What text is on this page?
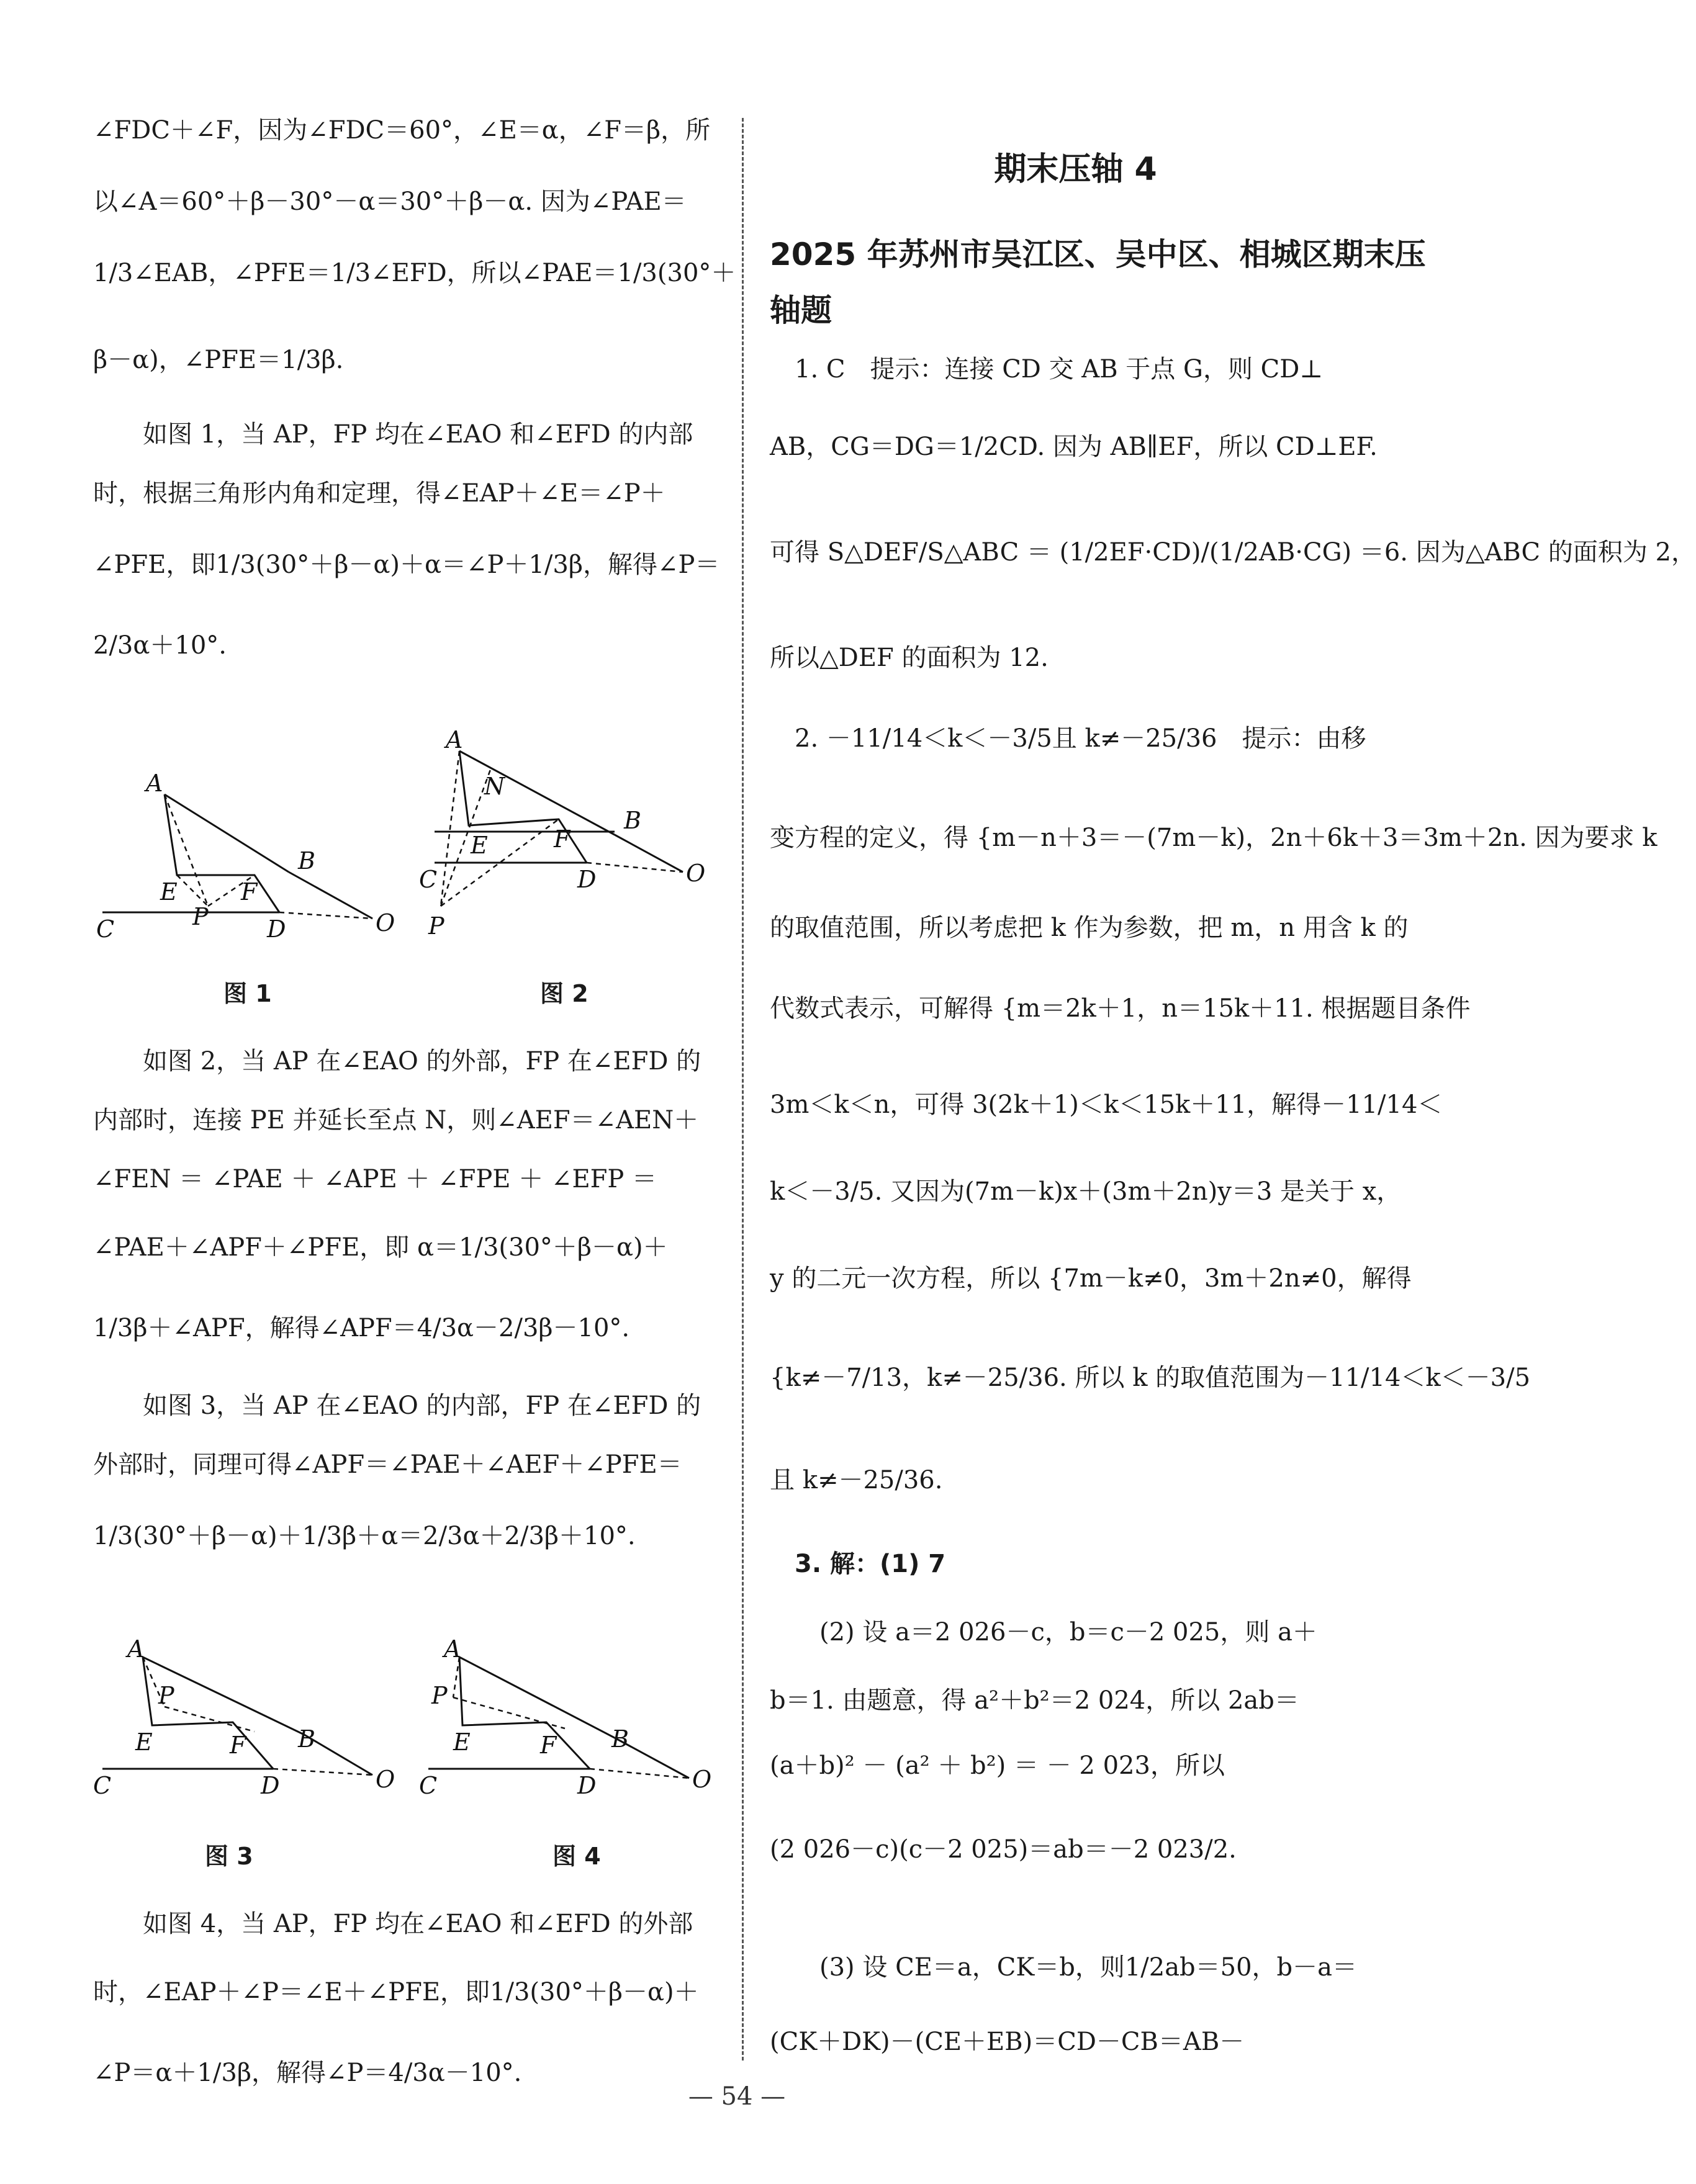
∠FDC＋∠F，因为∠FDC＝60°，∠E＝α，∠F＝β，所
以∠A＝60°＋β－30°－α＝30°＋β－α. 因为∠PAE＝
1/3∠EAB，∠PFE＝1/3∠EFD，所以∠PAE＝1/3(30°＋
β－α)，∠PFE＝1/3β.
　　如图 1，当 AP，FP 均在∠EAO 和∠EFD 的内部
时，根据三角形内角和定理，得∠EAP＋∠E＝∠P＋
∠PFE，即1/3(30°＋β－α)＋α＝∠P＋1/3β，解得∠P＝
2/3α＋10°.
A
E	F
P
B
C	D	O
A
N
E	F
B
C	D	O
P
图 1	图 2
　　如图 2，当 AP 在∠EAO 的外部，FP 在∠EFD 的
内部时，连接 PE 并延长至点 N，则∠AEF＝∠AEN＋
∠FEN ＝ ∠PAE ＋ ∠APE ＋ ∠FPE ＋ ∠EFP ＝
∠PAE＋∠APF＋∠PFE，即 α＝1/3(30°＋β－α)＋
1/3β＋∠APF，解得∠APF＝4/3α－2/3β－10°.
　　如图 3，当 AP 在∠EAO 的内部，FP 在∠EFD 的
外部时，同理可得∠APF＝∠PAE＋∠AEF＋∠PFE＝
1/3(30°＋β－α)＋1/3β＋α＝2/3α＋2/3β＋10°.
A
P
E	F B
C	D	O
A
P
E	F B
C	D	O
图 3	图 4
　　如图 4，当 AP，FP 均在∠EAO 和∠EFD 的外部
时，∠EAP＋∠P＝∠E＋∠PFE，即1/3(30°＋β－α)＋
∠P＝α＋1/3β，解得∠P＝4/3α－10°.
期末压轴 4
2025 年苏州市吴江区、吴中区、相城区期末压
轴题
　1. C　提示：连接 CD 交 AB 于点 G，则 CD⊥
AB，CG＝DG＝1/2CD. 因为 AB∥EF，所以 CD⊥EF.
可得 S△DEF/S△ABC ＝ (1/2EF·CD)/(1/2AB·CG) ＝6. 因为△ABC 的面积为 2，
所以△DEF 的面积为 12.
　2. －11/14＜k＜－3/5且 k≠－25/36　提示：由移
变方程的定义，得 {m－n＋3＝－(7m－k)，2n＋6k＋3＝3m＋2n. 因为要求 k
的取值范围，所以考虑把 k 作为参数，把 m，n 用含 k 的
代数式表示，可解得 {m＝2k＋1，n＝15k＋11. 根据题目条件
3m＜k＜n，可得 3(2k＋1)＜k＜15k＋11，解得－11/14＜
k＜－3/5. 又因为(7m－k)x＋(3m＋2n)y＝3 是关于 x，
y 的二元一次方程，所以 {7m－k≠0，3m＋2n≠0，解得
{k≠－7/13，k≠－25/36. 所以 k 的取值范围为－11/14＜k＜－3/5
且 k≠－25/36.
　3. 解：(1) 7
　　(2) 设 a＝2 026－c，b＝c－2 025，则 a＋
b＝1. 由题意，得 a²＋b²＝2 024，所以 2ab＝
(a＋b)² － (a² ＋ b²) ＝ － 2 023，所以
(2 026－c)(c－2 025)＝ab＝－2 023/2.
　　(3) 设 CE＝a，CK＝b，则1/2ab＝50，b－a＝
(CK＋DK)－(CE＋EB)＝CD－CB＝AB－
— 54 —
